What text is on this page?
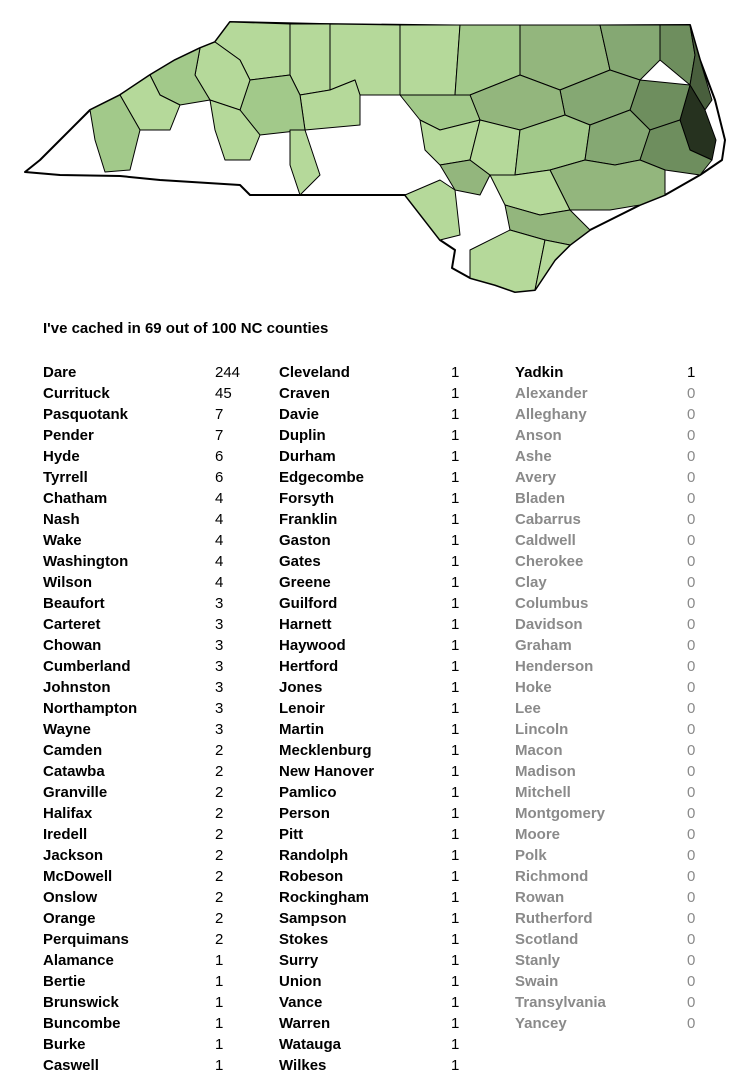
I've cached in 69 out of 100 NC counties
Dare	244
Currituck	45
Pasquotank	7
Pender	7
Hyde	6
Tyrrell	6
Chatham	4
Nash	4
Wake	4
Washington	4
Wilson	4
Beaufort	3
Carteret	3
Chowan	3
Cumberland	3
Johnston	3
Northampton	3
Wayne	3
Camden	2
Catawba	2
Granville	2
Halifax	2
Iredell	2
Jackson	2
McDowell	2
Onslow	2
Orange	2
Perquimans	2
Alamance	1
Bertie	1
Brunswick	1
Buncombe	1
Burke	1
Caswell	1
Cleveland	1
Craven	1
Davie	1
Duplin	1
Durham	1
Edgecombe	1
Forsyth	1
Franklin	1
Gaston	1
Gates	1
Greene	1
Guilford	1
Harnett	1
Haywood	1
Hertford	1
Jones	1
Lenoir	1
Martin	1
Mecklenburg	1
New Hanover	1
Pamlico	1
Person	1
Pitt	1
Randolph	1
Robeson	1
Rockingham	1
Sampson	1
Stokes	1
Surry	1
Union	1
Vance	1
Warren	1
Watauga	1
Wilkes	1
Yadkin	1
Alexander	0
Alleghany	0
Anson	0
Ashe	0
Avery	0
Bladen	0
Cabarrus	0
Caldwell	0
Cherokee	0
Clay	0
Columbus	0
Davidson	0
Graham	0
Henderson	0
Hoke	0
Lee	0
Lincoln	0
Macon	0
Madison	0
Mitchell	0
Montgomery	0
Moore	0
Polk	0
Richmond	0
Rowan	0
Rutherford	0
Scotland	0
Stanly	0
Swain	0
Transylvania	0
Yancey	0
